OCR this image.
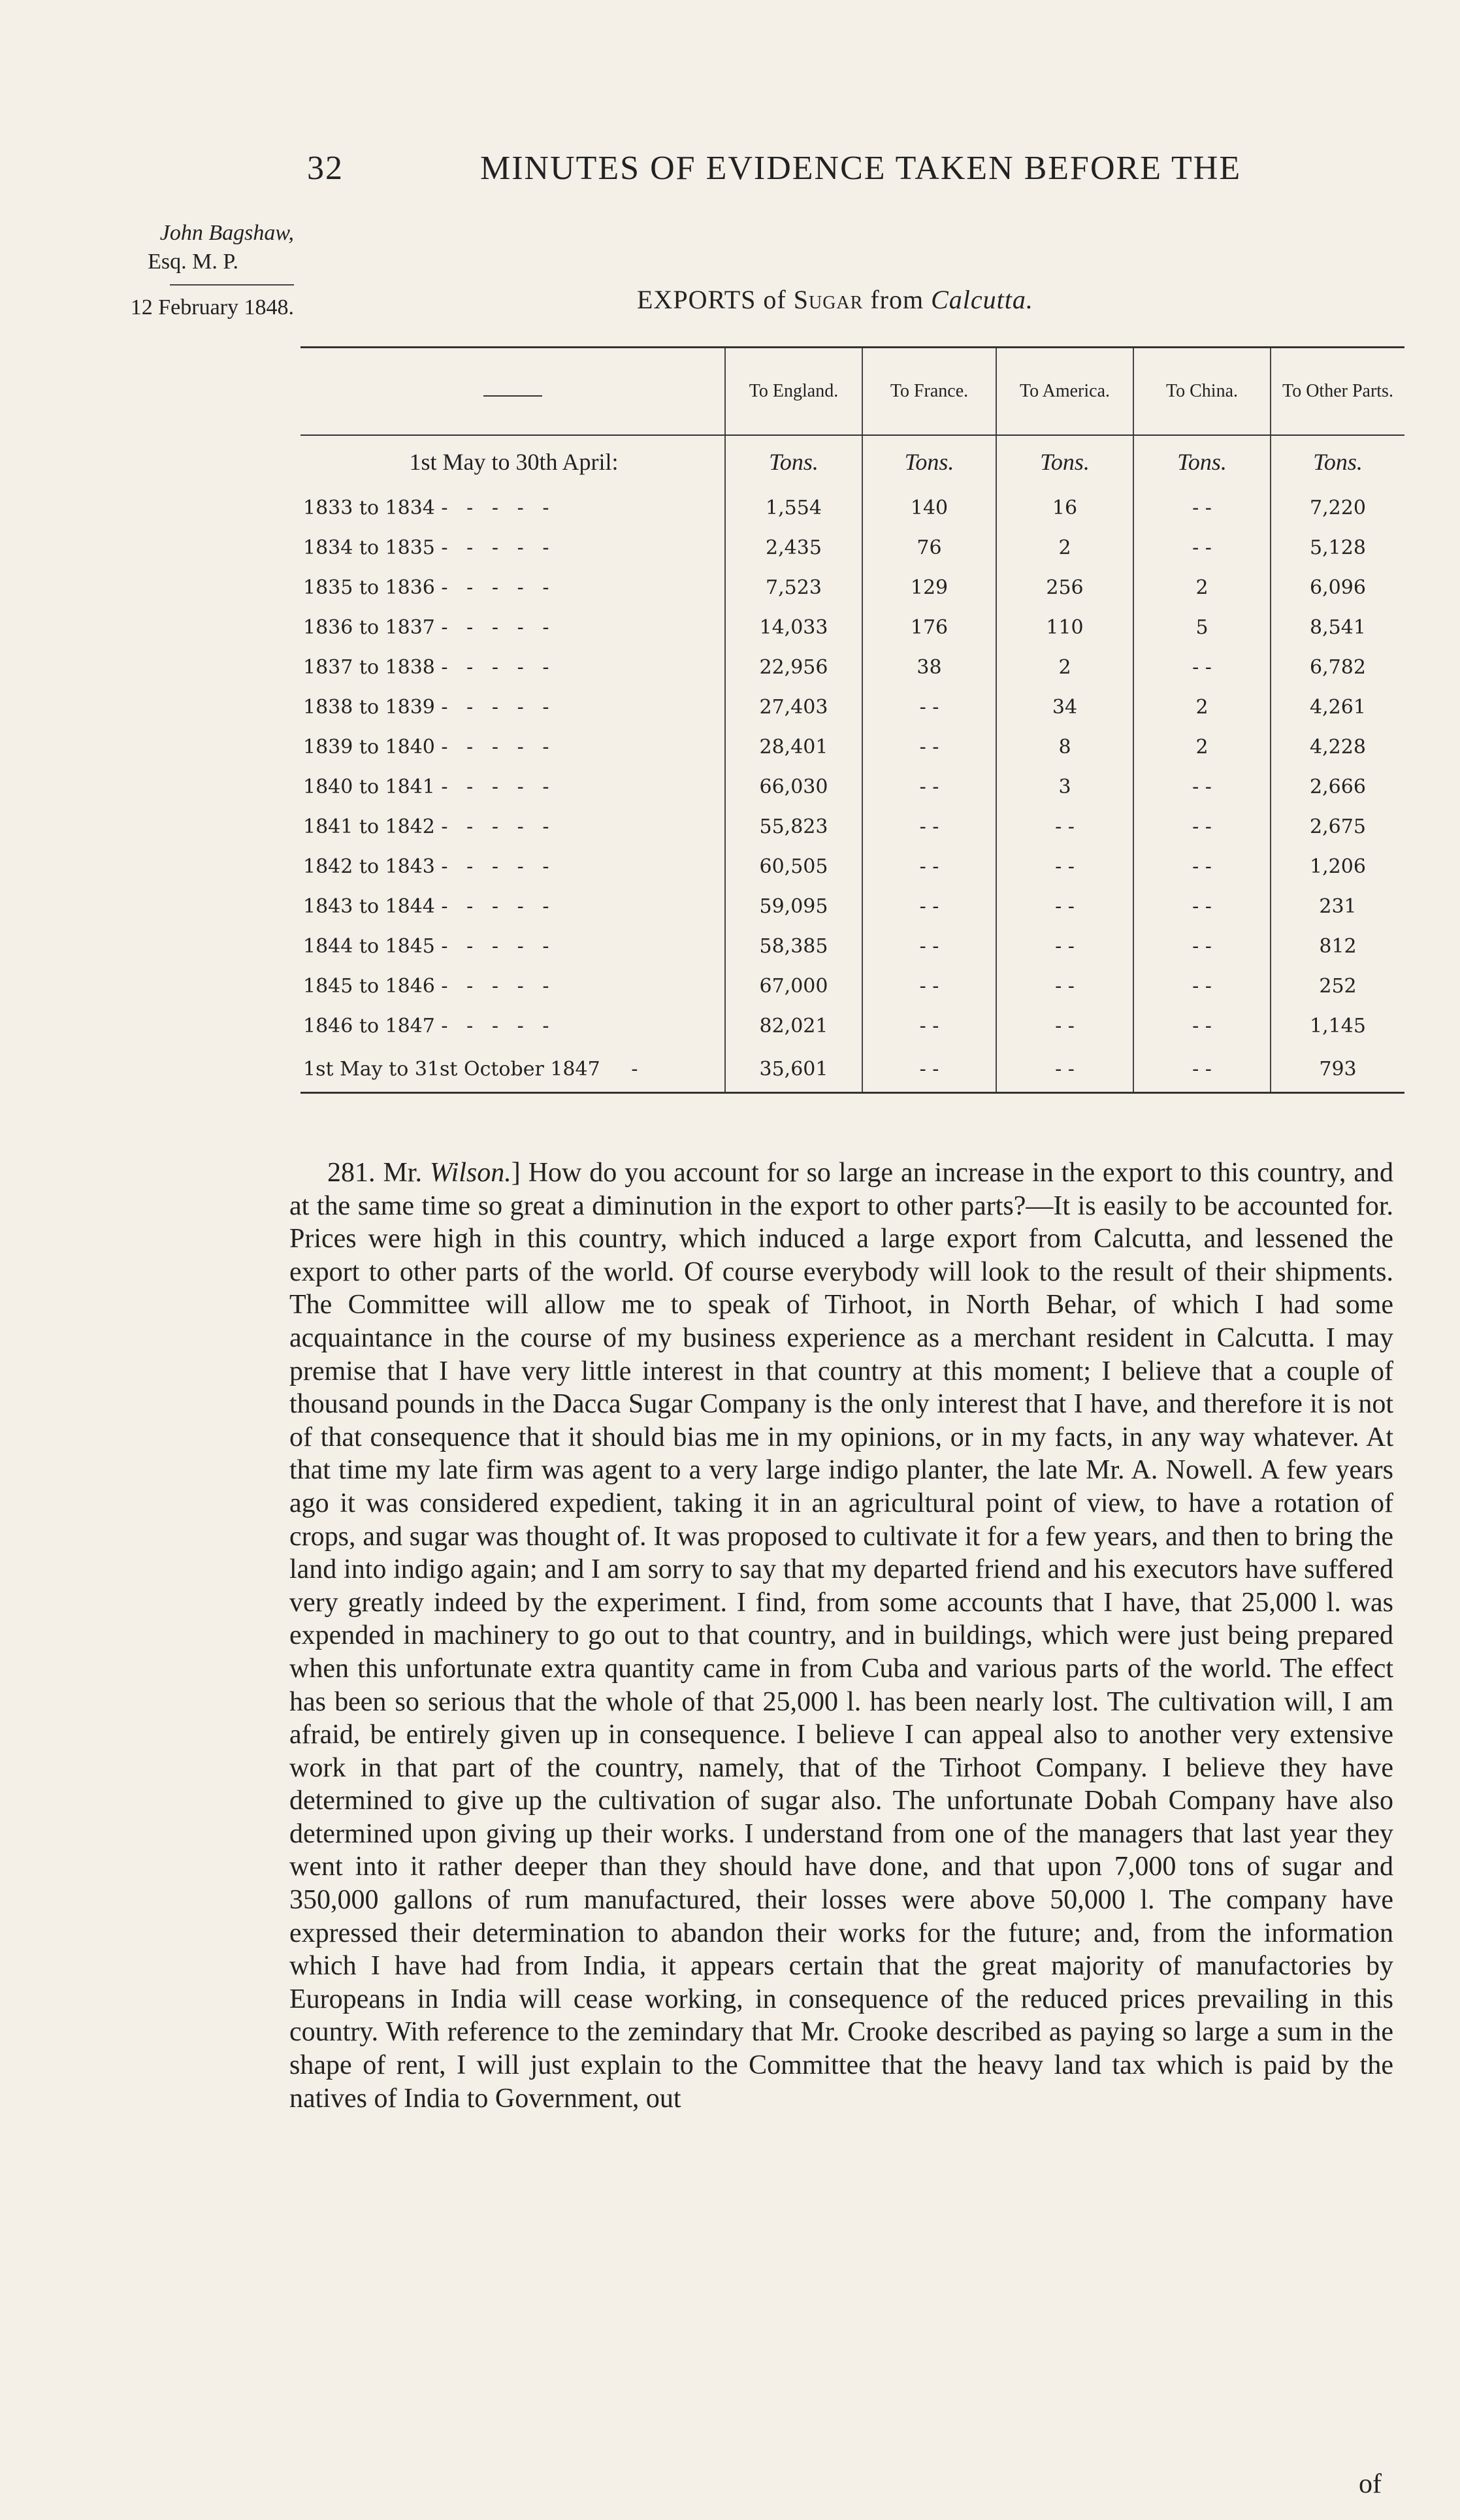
32	MINUTES OF EVIDENCE TAKEN BEFORE THE
John Bagshaw,
Esq. M. P.
12 February 1848.	EXPORTS of Sugar from Calcutta.
	To England.	To France.	To America.	To China.	To Other Parts.
1st May to 30th April:	Tons.	Tons.	Tons.	Tons.	Tons.
1833 to 1834 -   -   -   -   -	1,554	140	16	- -	7,220
1834 to 1835 -   -   -   -   -	2,435	76	2	- -	5,128
1835 to 1836 -   -   -   -   -	7,523	129	256	2	6,096
1836 to 1837 -   -   -   -   -	14,033	176	110	5	8,541
1837 to 1838 -   -   -   -   -	22,956	38	2	- -	6,782
1838 to 1839 -   -   -   -   -	27,403	- -	34	2	4,261
1839 to 1840 -   -   -   -   -	28,401	- -	8	2	4,228
1840 to 1841 -   -   -   -   -	66,030	- -	3	- -	2,666
1841 to 1842 -   -   -   -   -	55,823	- -	- -	- -	2,675
1842 to 1843 -   -   -   -   -	60,505	- -	- -	- -	1,206
1843 to 1844 -   -   -   -   -	59,095	- -	- -	- -	231
1844 to 1845 -   -   -   -   -	58,385	- -	- -	- -	812
1845 to 1846 -   -   -   -   -	67,000	- -	- -	- -	252
1846 to 1847 -   -   -   -   -	82,021	- -	- -	- -	1,145
1st May to 31st October 1847     -	35,601	- -	- -	- -	793

281. Mr. Wilson.] How do you account for so large an increase in the export to this country, and at the same time so great a diminution in the export to other parts?—It is easily to be accounted for. Prices were high in this country, which induced a large export from Calcutta, and lessened the export to other parts of the world. Of course everybody will look to the result of their shipments. The Committee will allow me to speak of Tirhoot, in North Behar, of which I had some acquaintance in the course of my business experience as a merchant resident in Calcutta. I may premise that I have very little interest in that country at this moment; I believe that a couple of thousand pounds in the Dacca Sugar Company is the only interest that I have, and therefore it is not of that consequence that it should bias me in my opinions, or in my facts, in any way whatever. At that time my late firm was agent to a very large indigo planter, the late Mr. A. Nowell. A few years ago it was considered expedient, taking it in an agricultural point of view, to have a rotation of crops, and sugar was thought of. It was proposed to cultivate it for a few years, and then to bring the land into indigo again; and I am sorry to say that my departed friend and his executors have suffered very greatly indeed by the experiment. I find, from some accounts that I have, that 25,000 l. was expended in machinery to go out to that country, and in buildings, which were just being prepared when this unfortunate extra quantity came in from Cuba and various parts of the world. The effect has been so serious that the whole of that 25,000 l. has been nearly lost. The cultivation will, I am afraid, be entirely given up in consequence. I believe I can appeal also to another very extensive work in that part of the country, namely, that of the Tirhoot Company. I believe they have determined to give up the cultivation of sugar also. The unfortunate Dobah Company have also determined upon giving up their works. I understand from one of the managers that last year they went into it rather deeper than they should have done, and that upon 7,000 tons of sugar and 350,000 gallons of rum manufactured, their losses were above 50,000 l. The company have expressed their determination to abandon their works for the future; and, from the information which I have had from India, it appears certain that the great majority of manufactories by Europeans in India will cease working, in consequence of the reduced prices prevailing in this country. With reference to the zemindary that Mr. Crooke described as paying so large a sum in the shape of rent, I will just explain to the Committee that the heavy land tax which is paid by the natives of India to Government, out

of
